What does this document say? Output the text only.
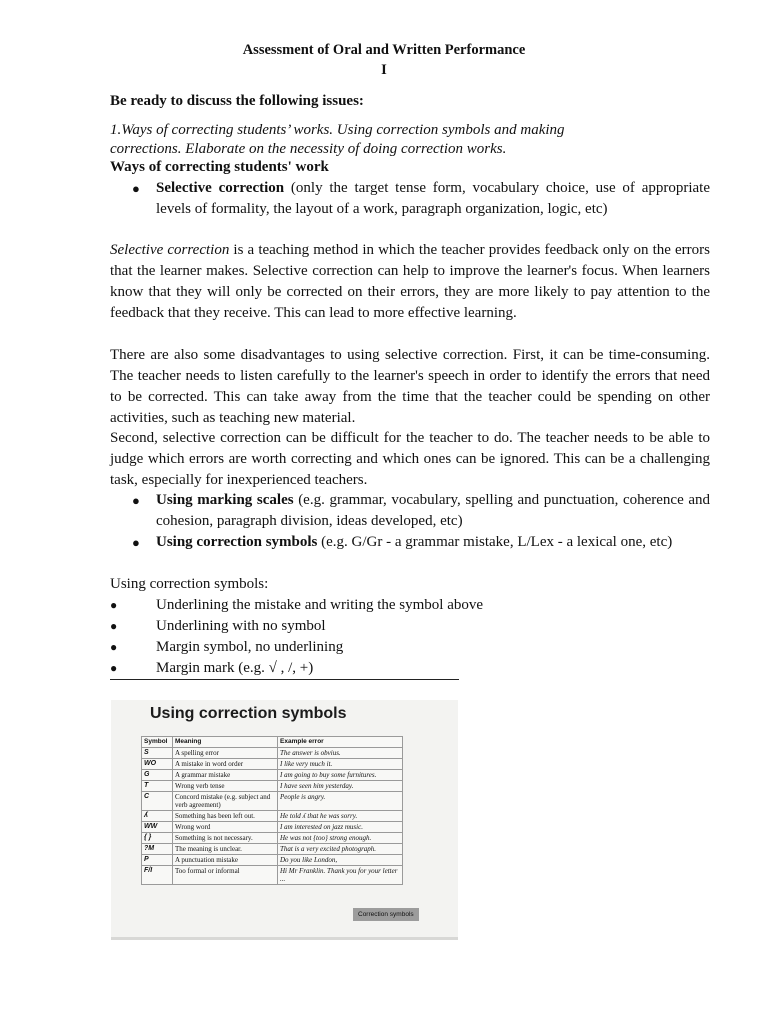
Assessment of Oral and Written Performance
I
Be ready to discuss the following issues:
1.Ways of correcting students’ works. Using correction symbols and making
corrections. Elaborate on the necessity of doing correction works.
Ways of correcting students' work
● Selective correction (only the target tense form, vocabulary choice, use of appropriate levels of formality, the layout of a work, paragraph organization, logic, etc)
Selective correction is a teaching method in which the teacher provides feedback only on the errors that the learner makes. Selective correction can help to improve the learner's focus. When learners know that they will only be corrected on their errors, they are more likely to pay attention to the feedback that they receive. This can lead to more effective learning.
There are also some disadvantages to using selective correction. First, it can be time-consuming. The teacher needs to listen carefully to the learner's speech in order to identify the errors that need to be corrected. This can take away from the time that the teacher could be spending on other activities, such as teaching new material.
Second, selective correction can be difficult for the teacher to do. The teacher needs to be able to judge which errors are worth correcting and which ones can be ignored. This can be a challenging task, especially for inexperienced teachers.
● Using marking scales (e.g. grammar, vocabulary, spelling and punctuation, coherence and cohesion, paragraph division, ideas developed, etc)
● Using correction symbols (e.g. G/Gr - a grammar mistake, L/Lex - a lexical one, etc)
Using correction symbols:
●	Underlining the mistake and writing the symbol above
●	Underlining with no symbol
●	Margin symbol, no underlining
●	Margin mark (e.g. √ , /, +)
Using correction symbols
Symbol	Meaning	Example error
S	A spelling error	The answer is obvius.
WO	A mistake in word order	I like very much it.
G	A grammar mistake	I am going to buy some furnitures.
T	Wrong verb tense	I have seen him yesterday.
C	Concord mistake (e.g. subject and verb agreement)	People is angry.
ʎ	Something has been left out.	He told ʎ that he was sorry.
WW	Wrong word	I am interested on jazz music.
{ }	Something is not necessary.	He was not {too} strong enough.
?M	The meaning is unclear.	That is a very excited photograph.
P	A punctuation mistake	Do you like London,
F/I	Too formal or informal	Hi Mr Franklin. Thank you for your letter ...
Correction symbols
